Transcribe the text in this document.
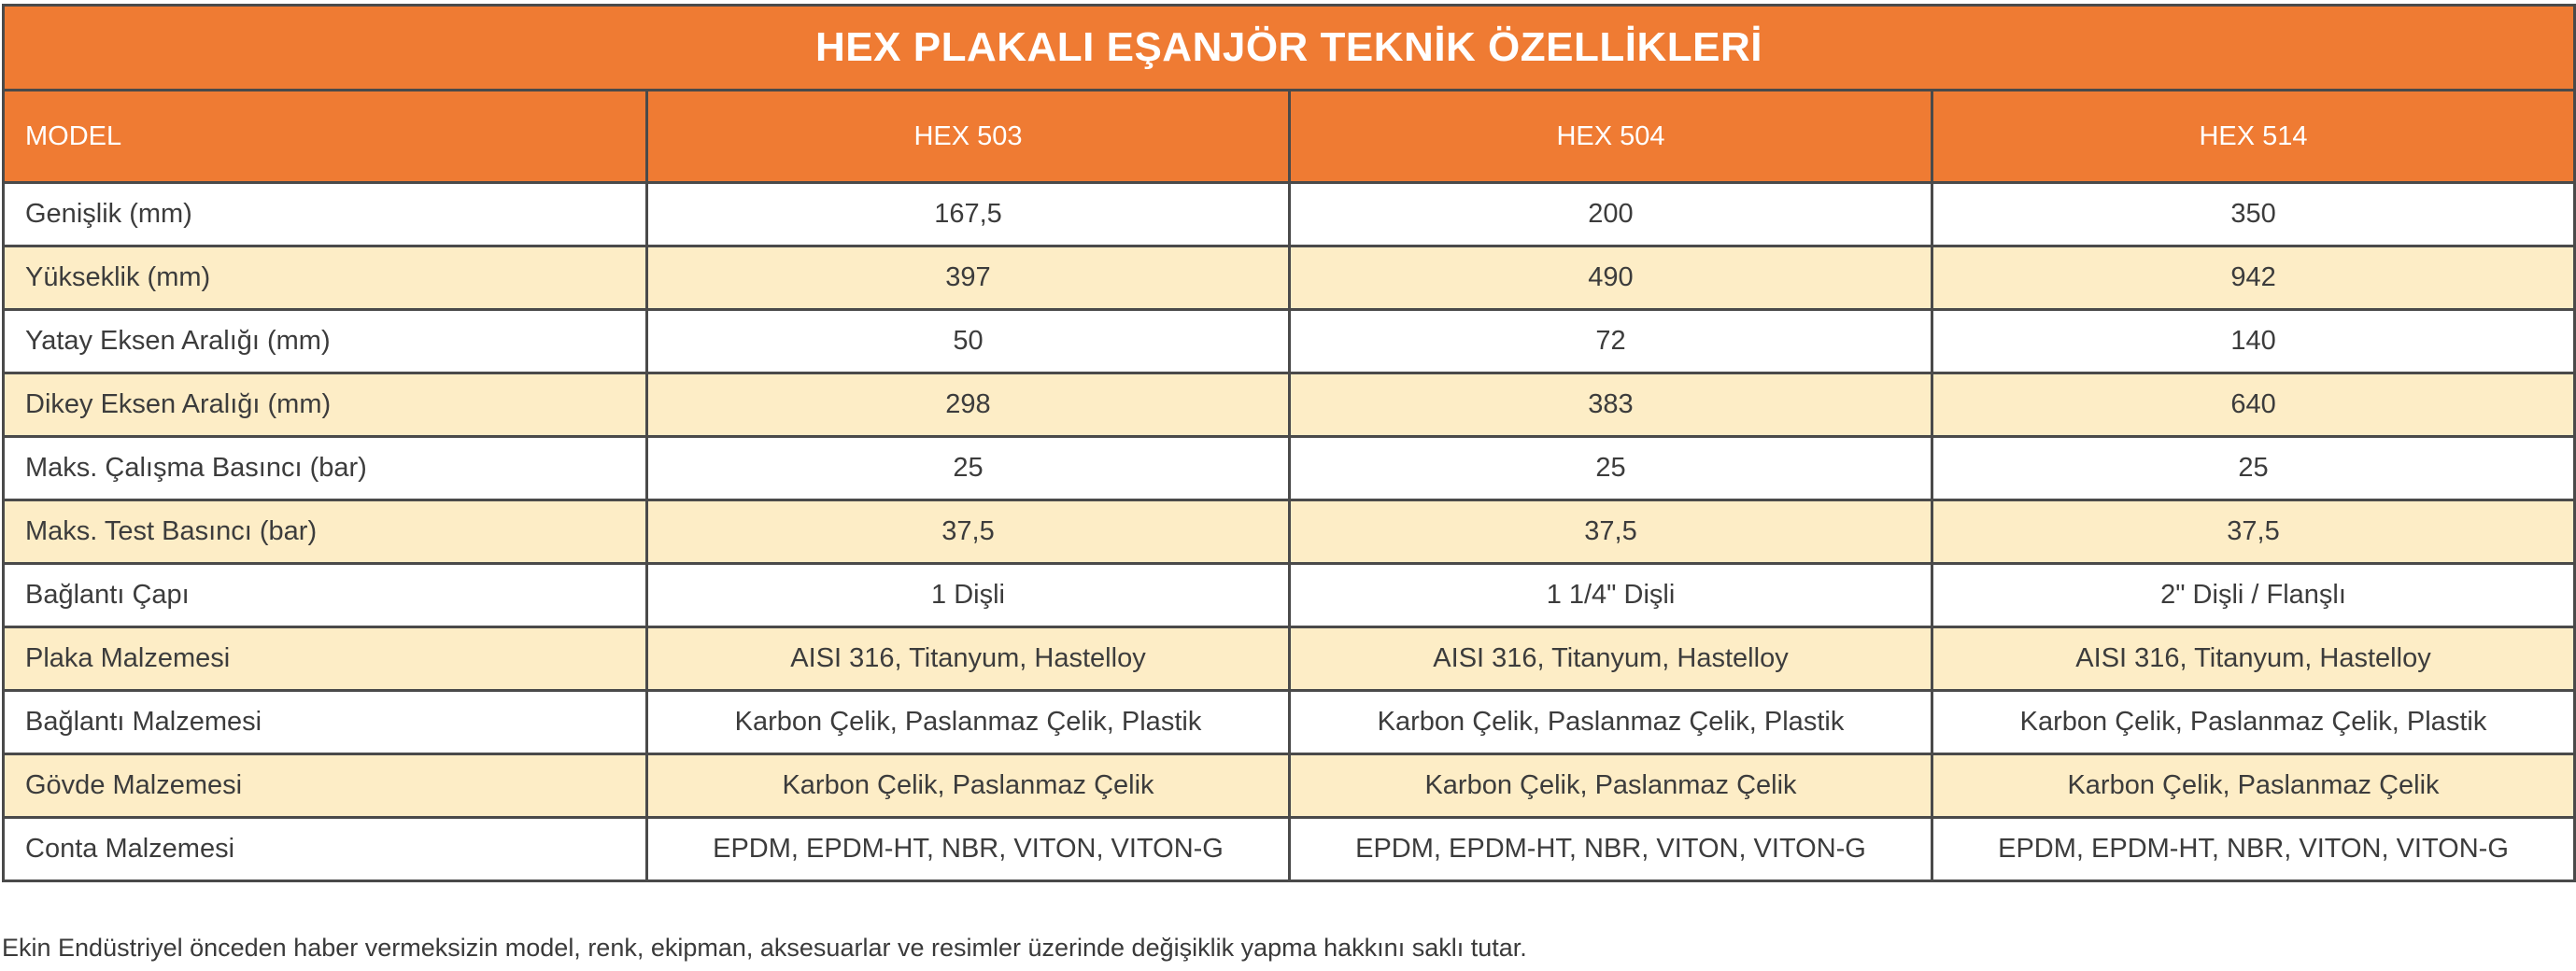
HEX PLAKALI EŞANJÖR TEKNİK ÖZELLİKLERİ			
MODEL	HEX 503	HEX 504	HEX 514
Genişlik (mm)	167,5	200	350
Yükseklik (mm)	397	490	942
Yatay Eksen Aralığı (mm)	50	72	140
Dikey Eksen Aralığı (mm)	298	383	640
Maks. Çalışma Basıncı (bar)	25	25	25
Maks. Test Basıncı (bar)	37,5	37,5	37,5
Bağlantı Çapı	1 Dişli	1 1/4" Dişli	2" Dişli / Flanşlı
Plaka Malzemesi	AISI 316, Titanyum, Hastelloy	AISI 316, Titanyum, Hastelloy	AISI 316, Titanyum, Hastelloy
Bağlantı Malzemesi	Karbon Çelik, Paslanmaz Çelik, Plastik	Karbon Çelik, Paslanmaz Çelik, Plastik	Karbon Çelik, Paslanmaz Çelik, Plastik
Gövde Malzemesi	Karbon Çelik, Paslanmaz Çelik	Karbon Çelik, Paslanmaz Çelik	Karbon Çelik, Paslanmaz Çelik
Conta Malzemesi	EPDM, EPDM-HT, NBR, VITON, VITON-G	EPDM, EPDM-HT, NBR, VITON, VITON-G	EPDM, EPDM-HT, NBR, VITON, VITON-G
Ekin Endüstriyel önceden haber vermeksizin model, renk, ekipman, aksesuarlar ve resimler üzerinde değişiklik yapma hakkını saklı tutar.
